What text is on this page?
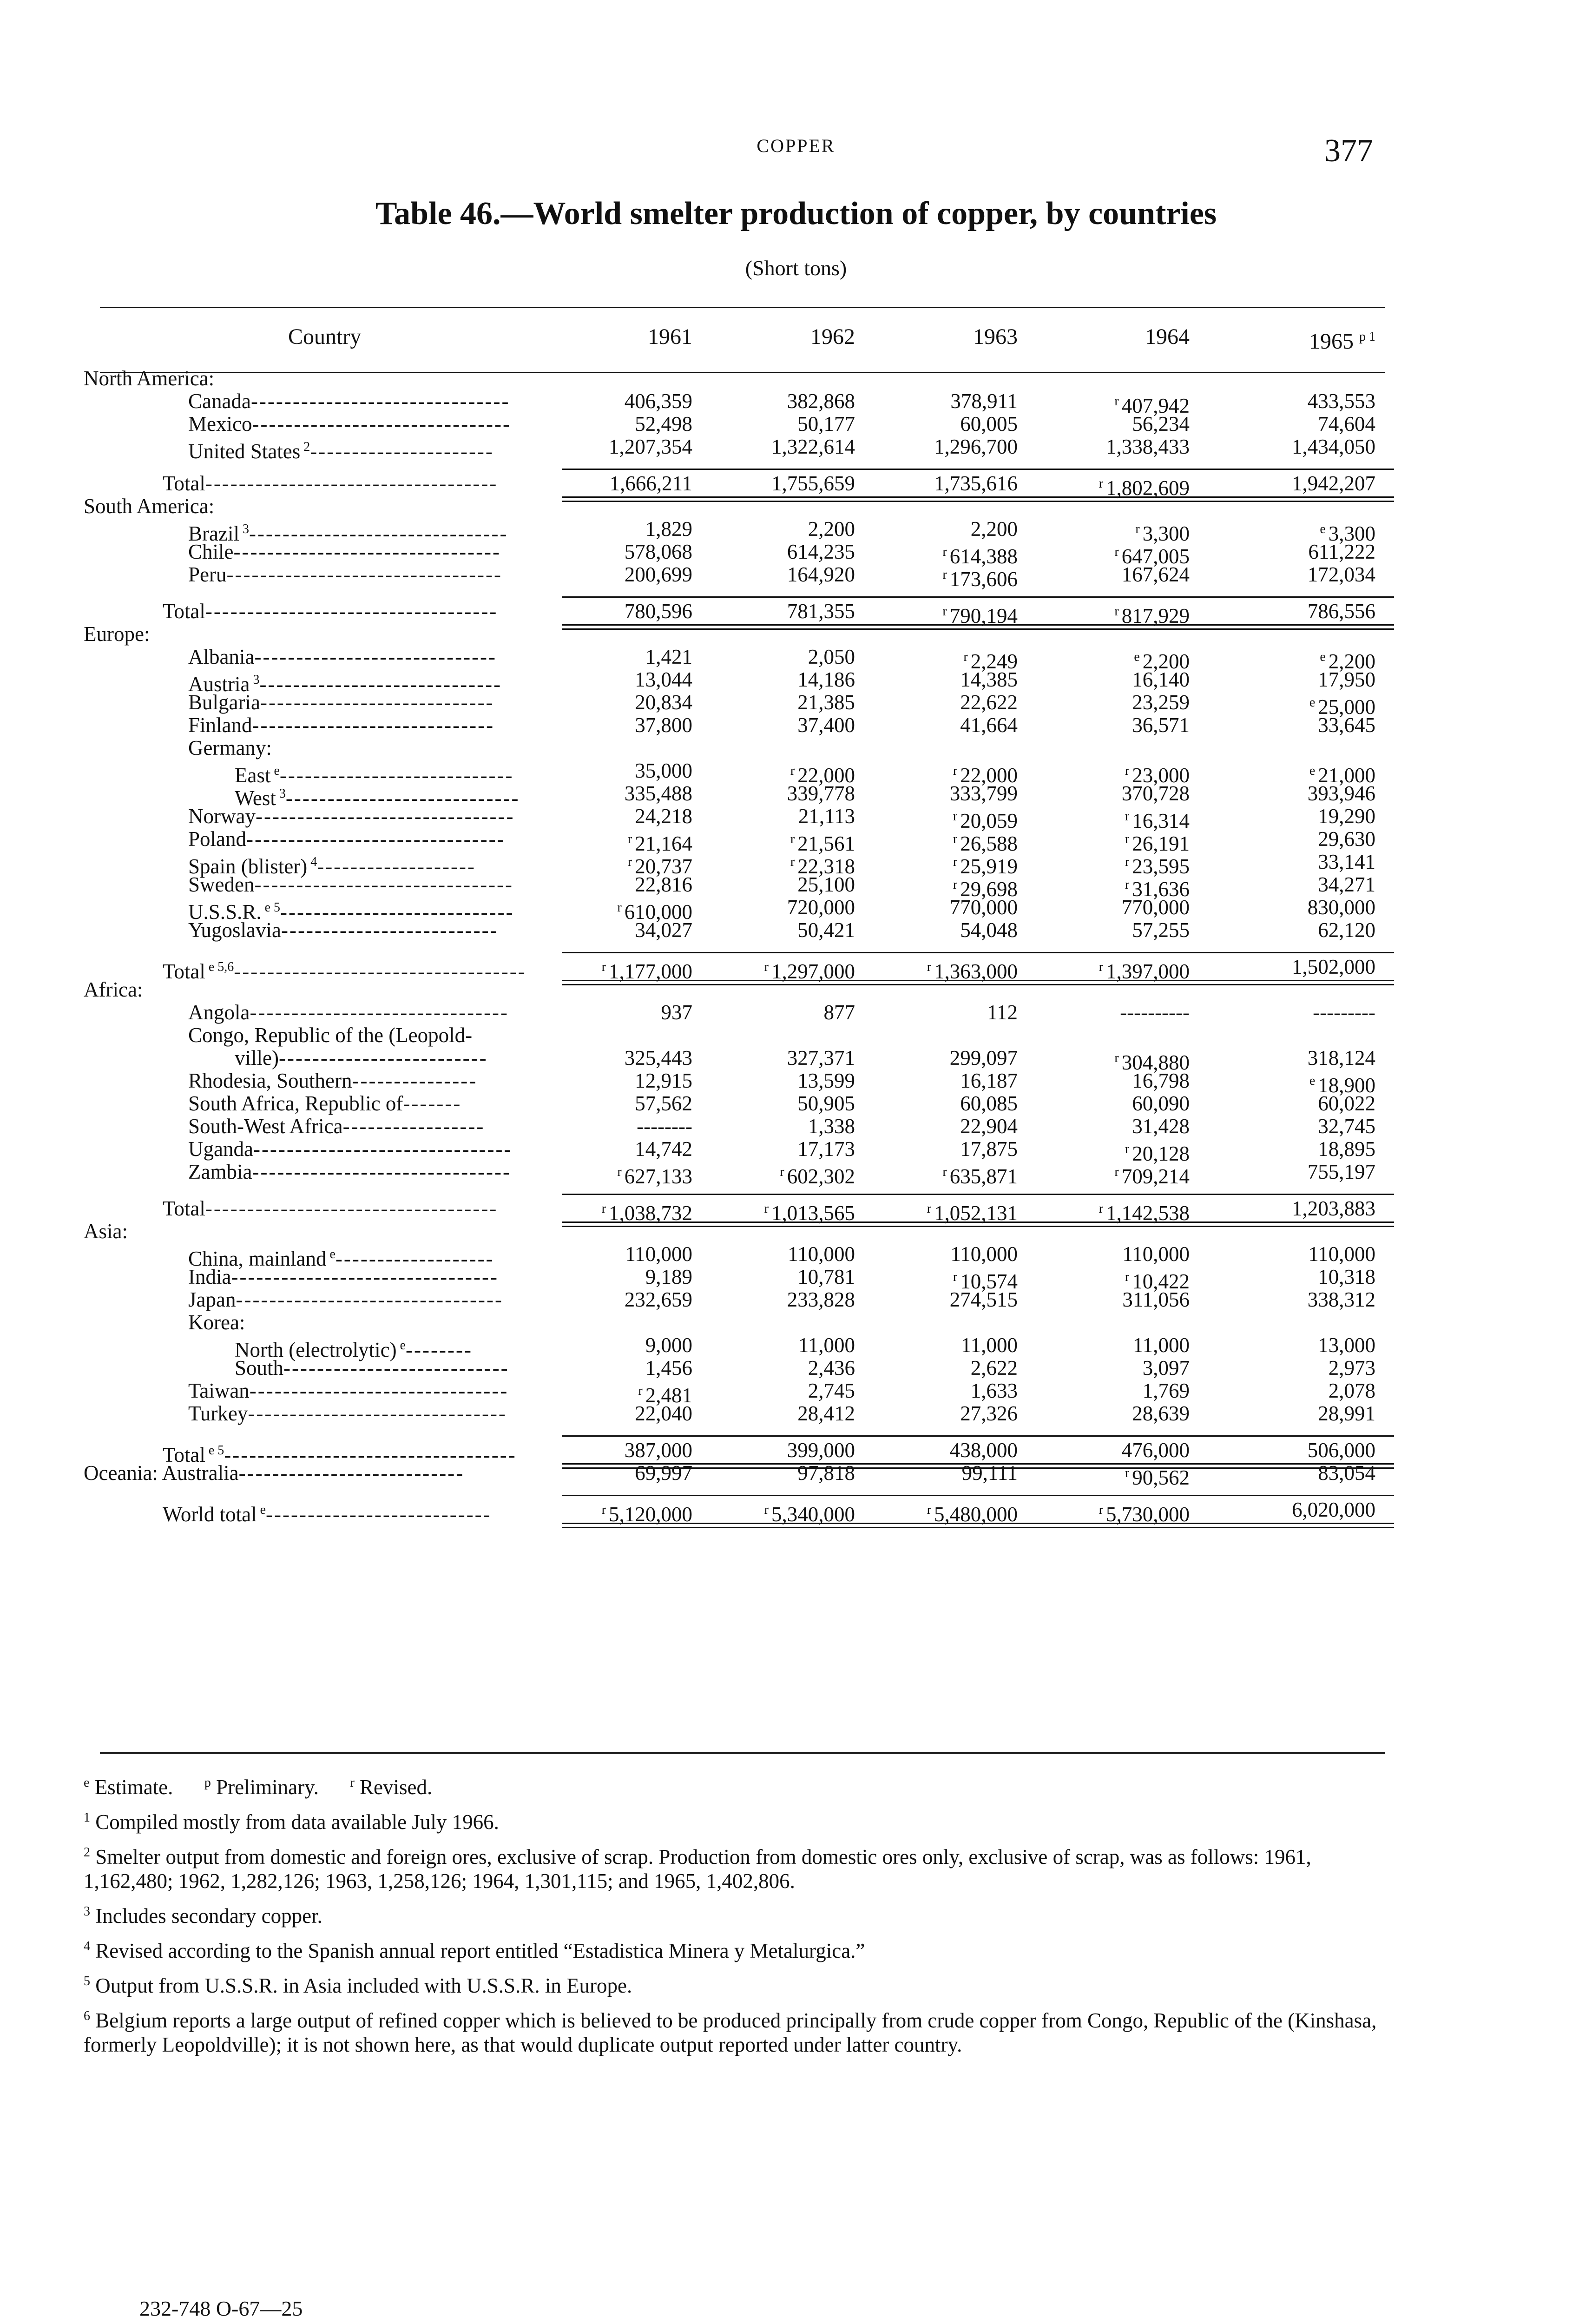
COPPER	377
Table 46.—World smelter production of copper, by countries
(Short tons)
Country	1961	1962	1963	1964	1965 $^{p 1}$
North America:
Canada-------------------------------	406,359	382,868	378,911	$^r$ 407,942	433,553
Mexico-------------------------------	52,498	50,177	60,005	56,234	74,604
United States $^2$----------------------	1,207,354	1,322,614	1,296,700	1,338,433	1,434,050
Total-----------------------------------	1,666,211	1,755,659	1,735,616	$^r$ 1,802,609	1,942,207
South America:
Brazil $^3$-------------------------------	1,829	2,200	2,200	$^r$ 3,300	$^e$ 3,300
Chile--------------------------------	578,068	614,235	$^r$ 614,388	$^r$ 647,005	611,222
Peru---------------------------------	200,699	164,920	$^r$ 173,606	167,624	172,034
Total-----------------------------------	780,596	781,355	$^r$ 790,194	$^r$ 817,929	786,556
Europe:
Albania-----------------------------	1,421	2,050	$^r$ 2,249	$^e$ 2,200	$^e$ 2,200
Austria $^3$-----------------------------	13,044	14,186	14,385	16,140	17,950
Bulgaria----------------------------	20,834	21,385	22,622	23,259	$^e$ 25,000
Finland-----------------------------	37,800	37,400	41,664	36,571	33,645
Germany:
East $^e$----------------------------	35,000	$^r$ 22,000	$^r$ 22,000	$^r$ 23,000	$^e$ 21,000
West $^3$----------------------------	335,488	339,778	333,799	370,728	393,946
Norway-------------------------------	24,218	21,113	$^r$ 20,059	$^r$ 16,314	19,290
Poland-------------------------------	$^r$ 21,164	$^r$ 21,561	$^r$ 26,588	$^r$ 26,191	29,630
Spain (blister) $^4$-------------------	$^r$ 20,737	$^r$ 22,318	$^r$ 25,919	$^r$ 23,595	33,141
Sweden-------------------------------	22,816	25,100	$^r$ 29,698	$^r$ 31,636	34,271
U.S.S.R. $^{e 5}$----------------------------	$^r$ 610,000	720,000	770,000	770,000	830,000
Yugoslavia--------------------------	34,027	50,421	54,048	57,255	62,120
Total $^{e 5,6}$-----------------------------------	$^r$ 1,177,000	$^r$ 1,297,000	$^r$ 1,363,000	$^r$ 1,397,000	1,502,000
Africa:
Angola-------------------------------	937	877	112	----------	---------
Congo, Republic of the (Leopold-
ville)-------------------------	325,443	327,371	299,097	$^r$ 304,880	318,124
Rhodesia, Southern---------------	12,915	13,599	16,187	16,798	$^e$ 18,900
South Africa, Republic of-------	57,562	50,905	60,085	60,090	60,022
South-West Africa-----------------	--------	1,338	22,904	31,428	32,745
Uganda-------------------------------	14,742	17,173	17,875	$^r$ 20,128	18,895
Zambia-------------------------------	$^r$ 627,133	$^r$ 602,302	$^r$ 635,871	$^r$ 709,214	755,197
Total-----------------------------------	$^r$ 1,038,732	$^r$ 1,013,565	$^r$ 1,052,131	$^r$ 1,142,538	1,203,883
Asia:
China, mainland $^e$-------------------	110,000	110,000	110,000	110,000	110,000
India--------------------------------	9,189	10,781	$^r$ 10,574	$^r$ 10,422	10,318
Japan--------------------------------	232,659	233,828	274,515	311,056	338,312
Korea:
North (electrolytic) $^e$--------	9,000	11,000	11,000	11,000	13,000
South---------------------------	1,456	2,436	2,622	3,097	2,973
Taiwan-------------------------------	$^r$ 2,481	2,745	1,633	1,769	2,078
Turkey-------------------------------	22,040	28,412	27,326	28,639	28,991
Total $^{e 5}$-----------------------------------	387,000	399,000	438,000	476,000	506,000
Oceania: Australia---------------------------	69,997	97,818	99,111	$^r$ 90,562	83,054
World total $^e$---------------------------	$^r$ 5,120,000	$^r$ 5,340,000	$^r$ 5,480,000	$^r$ 5,730,000	6,020,000

$^e$ Estimate. $^p$ Preliminary. $^r$ Revised.

$^1$ Compiled mostly from data available July 1966.

$^2$ Smelter output from domestic and foreign ores, exclusive of scrap. Production from domestic ores only, exclusive of scrap, was as follows: 1961, 1,162,480; 1962, 1,282,126; 1963, 1,258,126; 1964, 1,301,115; and 1965, 1,402,806.

$^3$ Includes secondary copper.

$^4$ Revised according to the Spanish annual report entitled “Estadistica Minera y Metalurgica.”

$^5$ Output from U.S.S.R. in Asia included with U.S.S.R. in Europe.

$^6$ Belgium reports a large output of refined copper which is believed to be produced principally from crude copper from Congo, Republic of the (Kinshasa, formerly Leopoldville); it is not shown here, as that would duplicate output reported under latter country.

232-748 O-67—25
